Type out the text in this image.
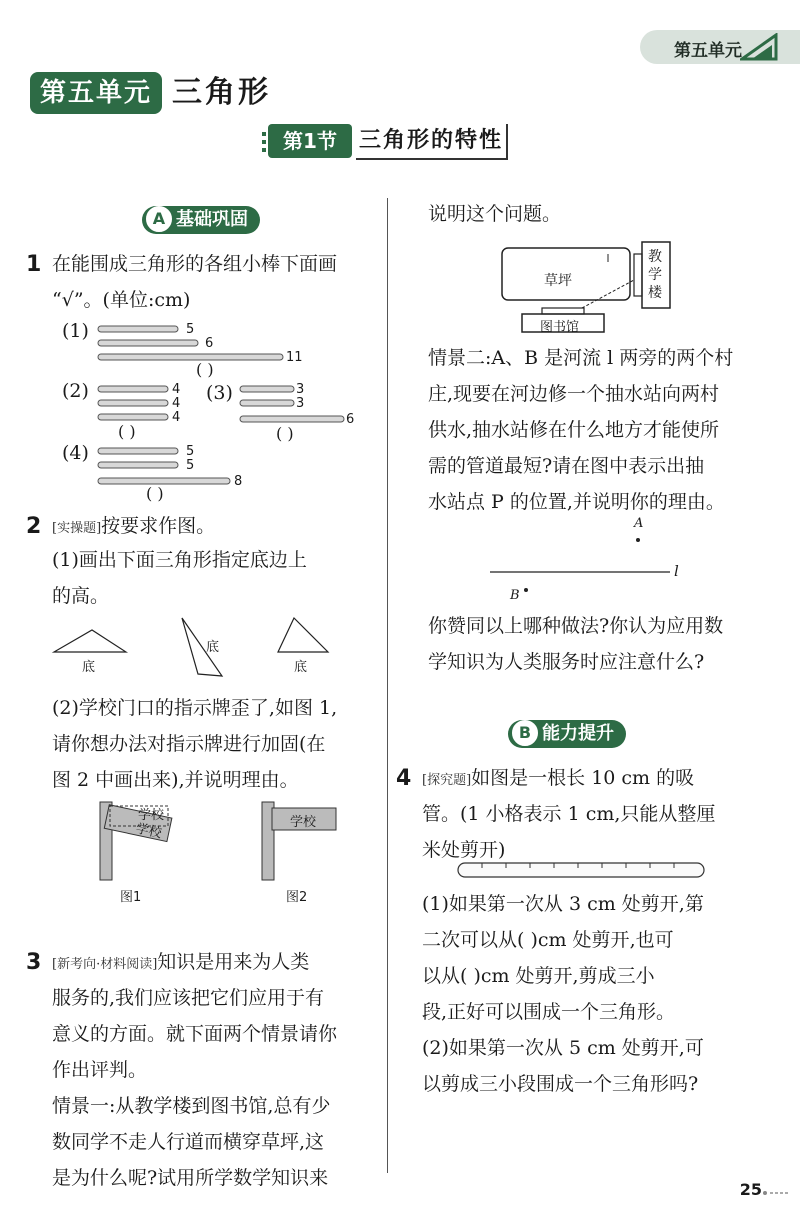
第五单元
第五单元 三角形
第1节	三角形的特性
A 基础巩固
1 在能围成三角形的各组小棒下面画
“√”。(单位:cm)
(1)	5
6
11
( )
(2)	4
4
4
( )
(3)	3
3
6
( )
(4)	5
5
8
( )
2 [实操题]按要求作图。
(1)画出下面三角形指定底边上
的高。
底
底
底
(2)学校门口的指示牌歪了,如图 1,
请你想办法对指示牌进行加固(在
图 2 中画出来),并说明理由。
学校
学校
图1
学校
图2
3 [新考向·材料阅读]知识是用来为人类
服务的,我们应该把它们应用于有
意义的方面。就下面两个情景请你
作出评判。
情景一:从教学楼到图书馆,总有少
数同学不走人行道而横穿草坪,这
是为什么呢?试用所学数学知识来
说明这个问题。
草坪
教
学
楼
图书馆
情景二:A、B 是河流 l 两旁的两个村
庄,现要在河边修一个抽水站向两村
供水,抽水站修在什么地方才能使所
需的管道最短?请在图中表示出抽
水站点 P 的位置,并说明你的理由。
A
B
l
你赞同以上哪种做法?你认为应用数
学知识为人类服务时应注意什么?
B 能力提升
4 [探究题]如图是一根长 10 cm 的吸
管。(1 小格表示 1 cm,只能从整厘
米处剪开)
(1)如果第一次从 3 cm 处剪开,第
二次可以从( )cm 处剪开,也可
以从( )cm 处剪开,剪成三小
段,正好可以围成一个三角形。
(2)如果第一次从 5 cm 处剪开,可
以剪成三小段围成一个三角形吗?
25
